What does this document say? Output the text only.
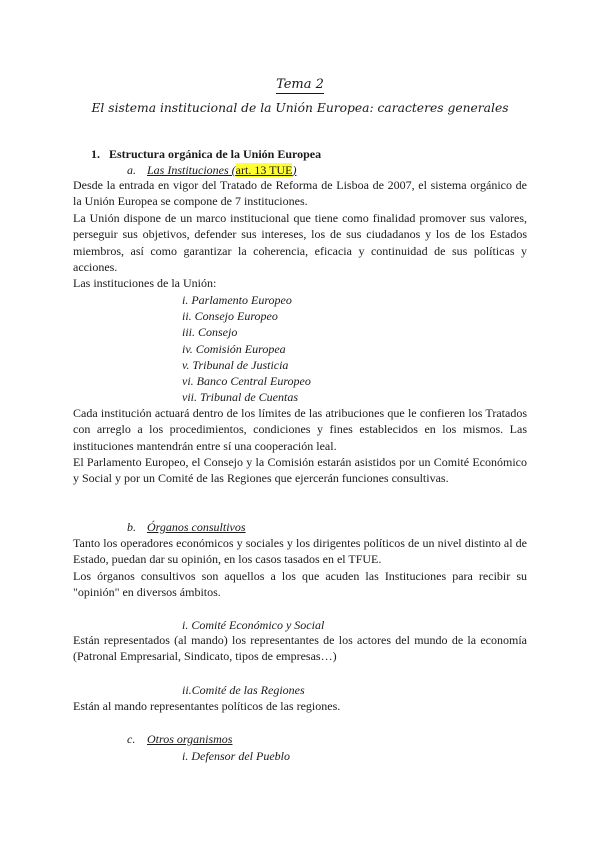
Tema 2
El sistema institucional de la Unión Europea: caracteres generales
1. Estructura orgánica de la Unión Europea
a. Las Instituciones (art. 13 TUE)
Desde la entrada en vigor del Tratado de Reforma de Lisboa de 2007, el sistema orgánico de la Unión Europea se compone de 7 instituciones.
La Unión dispone de un marco institucional que tiene como finalidad promover sus valores, perseguir sus objetivos, defender sus intereses, los de sus ciudadanos y los de los Estados miembros, así como garantizar la coherencia, eficacia y continuidad de sus políticas y acciones.
Las instituciones de la Unión:
i. Parlamento Europeo
ii. Consejo Europeo
iii. Consejo
iv. Comisión Europea
v. Tribunal de Justicia
vi. Banco Central Europeo
vii. Tribunal de Cuentas
Cada institución actuará dentro de los límites de las atribuciones que le confieren los Tratados con arreglo a los procedimientos, condiciones y fines establecidos en los mismos. Las instituciones mantendrán entre sí una cooperación leal.
El Parlamento Europeo, el Consejo y la Comisión estarán asistidos por un Comité Económico y Social y por un Comité de las Regiones que ejercerán funciones consultivas.
b. Órganos consultivos
Tanto los operadores económicos y sociales y los dirigentes políticos de un nivel distinto al de Estado, puedan dar su opinión, en los casos tasados en el TFUE.
Los órganos consultivos son aquellos a los que acuden las Instituciones para recibir su "opinión" en diversos ámbitos.
i. Comité Económico y Social
Están representados (al mando) los representantes de los actores del mundo de la economía (Patronal Empresarial, Sindicato, tipos de empresas…)
ii.Comité de las Regiones
Están al mando representantes políticos de las regiones.
c. Otros organismos
i. Defensor del Pueblo
